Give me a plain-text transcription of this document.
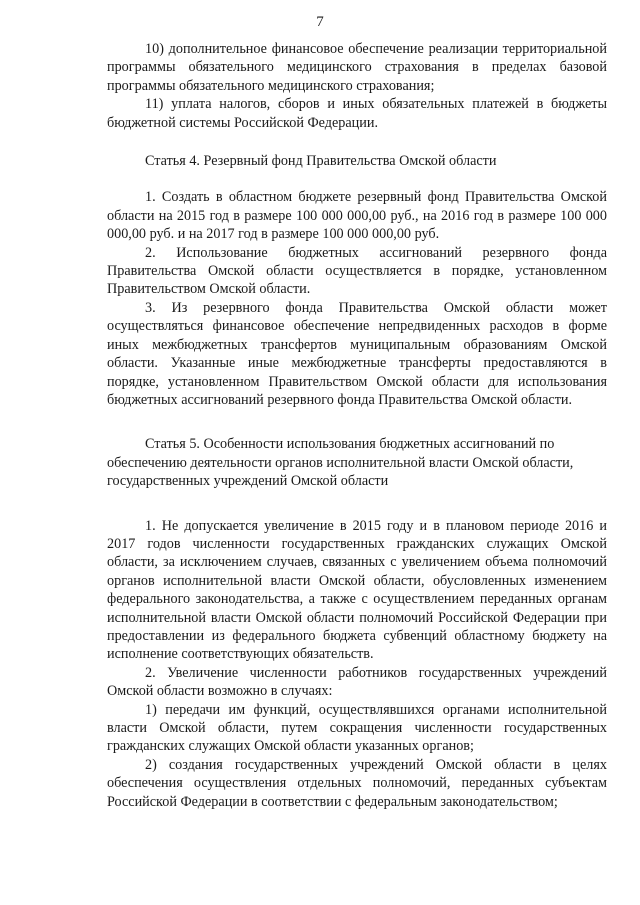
7

10) дополнительное финансовое обеспечение реализации территориальной программы обязательного медицинского страхования в пределах базовой программы обязательного медицинского страхования;

11) уплата налогов, сборов и иных обязательных платежей в бюджеты бюджетной системы Российской Федерации.

Статья 4. Резервный фонд Правительства Омской области

1. Создать в областном бюджете резервный фонд Правительства Омской области на 2015 год в размере 100 000 000,00 руб., на 2016 год в размере 100 000 000,00 руб. и на 2017 год в размере 100 000 000,00 руб.

2. Использование бюджетных ассигнований резервного фонда Правительства Омской области осуществляется в порядке, установленном Правительством Омской области.

3. Из резервного фонда Правительства Омской области может осуществляться финансовое обеспечение непредвиденных расходов в форме иных межбюджетных трансфертов муниципальным образованиям Омской области. Указанные иные межбюджетные трансферты предоставляются в порядке, установленном Правительством Омской области для использования бюджетных ассигнований резервного фонда Правительства Омской области.

Статья 5. Особенности использования бюджетных ассигнований по обеспечению деятельности органов исполнительной власти Омской области, государственных учреждений Омской области

1. Не допускается увеличение в 2015 году и в плановом периоде 2016 и 2017 годов численности государственных гражданских служащих Омской области, за исключением случаев, связанных с увеличением объема полномочий органов исполнительной власти Омской области, обусловленных изменением федерального законодательства, а также с осуществлением переданных органам исполнительной власти Омской области полномочий Российской Федерации при предоставлении из федерального бюджета субвенций областному бюджету на исполнение соответствующих обязательств.

2. Увеличение численности работников государственных учреждений Омской области возможно в случаях:

1) передачи им функций, осуществлявшихся органами исполнительной власти Омской области, путем сокращения численности государственных гражданских служащих Омской области указанных органов;

2) создания государственных учреждений Омской области в целях обеспечения осуществления отдельных полномочий, переданных субъектам Российской Федерации в соответствии с федеральным законодательством;
